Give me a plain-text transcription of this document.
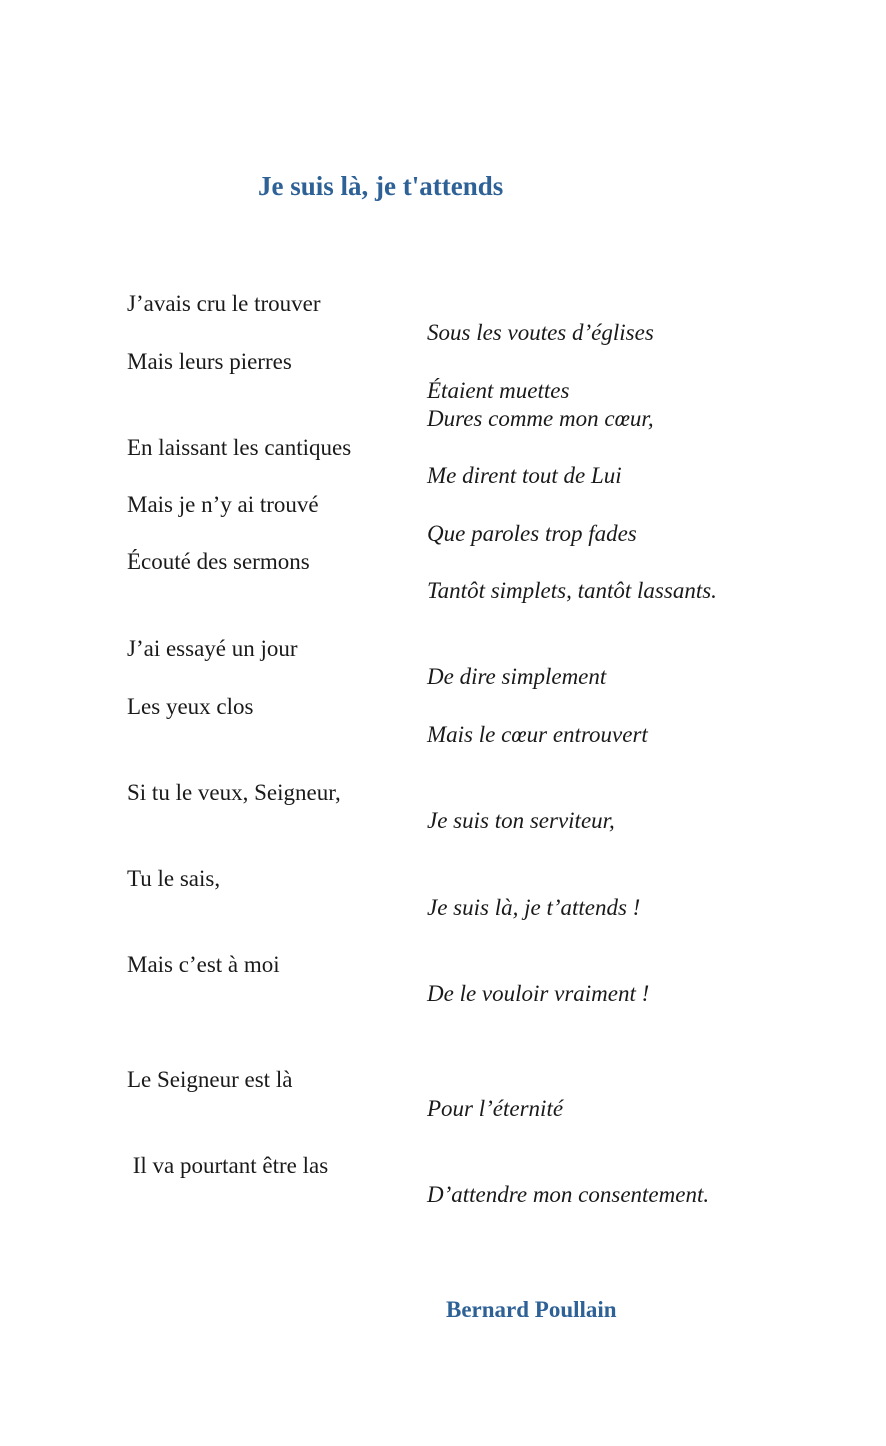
Je suis là, je t'attends
J’avais cru le trouver
Mais leurs pierres
En laissant les cantiques
Mais je n’y ai trouvé
Écouté des sermons
J’ai essayé un jour
Les yeux clos
Si tu le veux, Seigneur,
Tu le sais,
Mais c’est à moi
Le Seigneur est là
Il va pourtant être las
Sous les voutes d’églises
Étaient muettes
Dures comme mon cœur,
Me dirent tout de Lui
Que paroles trop fades
Tantôt simplets, tantôt lassants.
De dire simplement
Mais le cœur entrouvert
Je suis ton serviteur,
Je suis là, je t’attends !
De le vouloir vraiment !
Pour l’éternité
D’attendre mon consentement.
Bernard Poullain
